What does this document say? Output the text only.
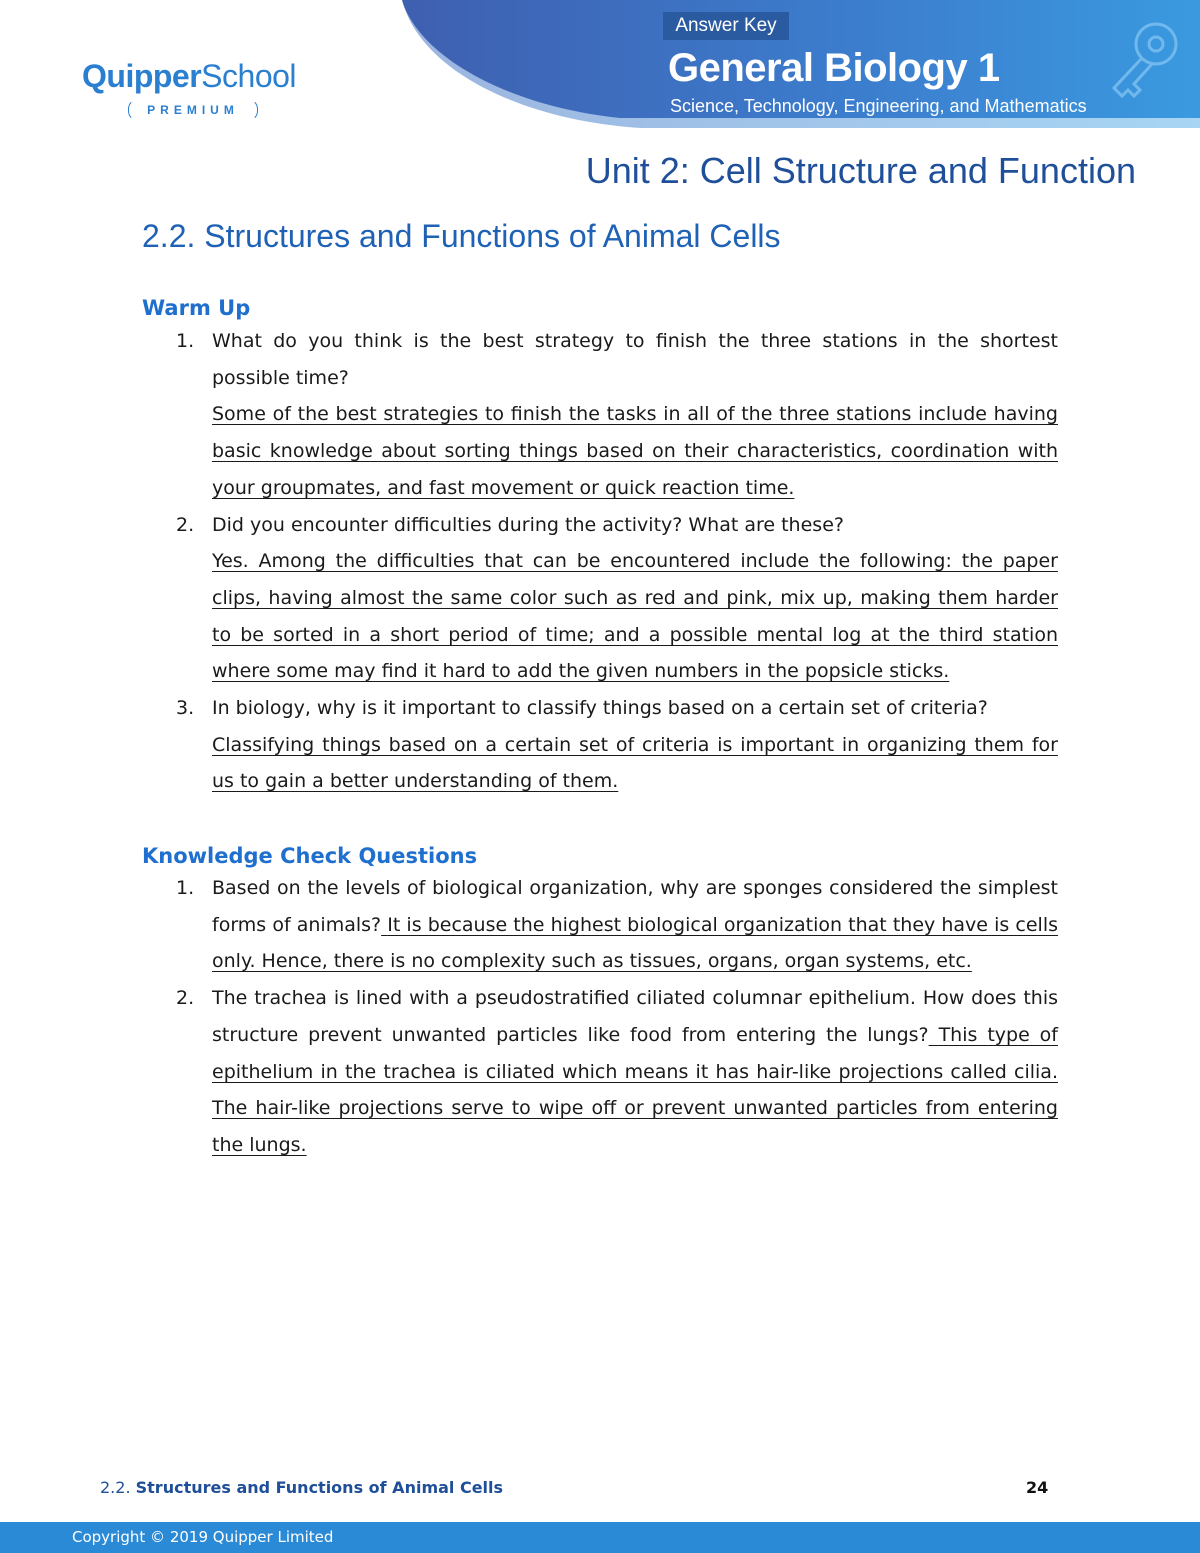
QuipperSchool
PREMIUM
Answer Key
General Biology 1
Science, Technology, Engineering, and Mathematics
Unit 2: Cell Structure and Function
2.2. Structures and Functions of Animal Cells
Warm Up
1. What do you think is the best strategy to finish the three stations in the shortest possible time?
Some of the best strategies to finish the tasks in all of the three stations include having basic knowledge about sorting things based on their characteristics, coordination with your groupmates, and fast movement or quick reaction time.
2. Did you encounter difficulties during the activity? What are these?
Yes. Among the difficulties that can be encountered include the following: the paper clips, having almost the same color such as red and pink, mix up, making them harder to be sorted in a short period of time; and a possible mental log at the third station where some may find it hard to add the given numbers in the popsicle sticks.
3. In biology, why is it important to classify things based on a certain set of criteria?
Classifying things based on a certain set of criteria is important in organizing them for us to gain a better understanding of them.
Knowledge Check Questions
1. Based on the levels of biological organization, why are sponges considered the simplest forms of animals? It is because the highest biological organization that they have is cells only. Hence, there is no complexity such as tissues, organs, organ systems, etc.
2. The trachea is lined with a pseudostratified ciliated columnar epithelium. How does this structure prevent unwanted particles like food from entering the lungs? This type of epithelium in the trachea is ciliated which means it has hair-like projections called cilia. The hair-like projections serve to wipe off or prevent unwanted particles from entering the lungs.
2.2. Structures and Functions of Animal Cells	24
Copyright © 2019 Quipper Limited
